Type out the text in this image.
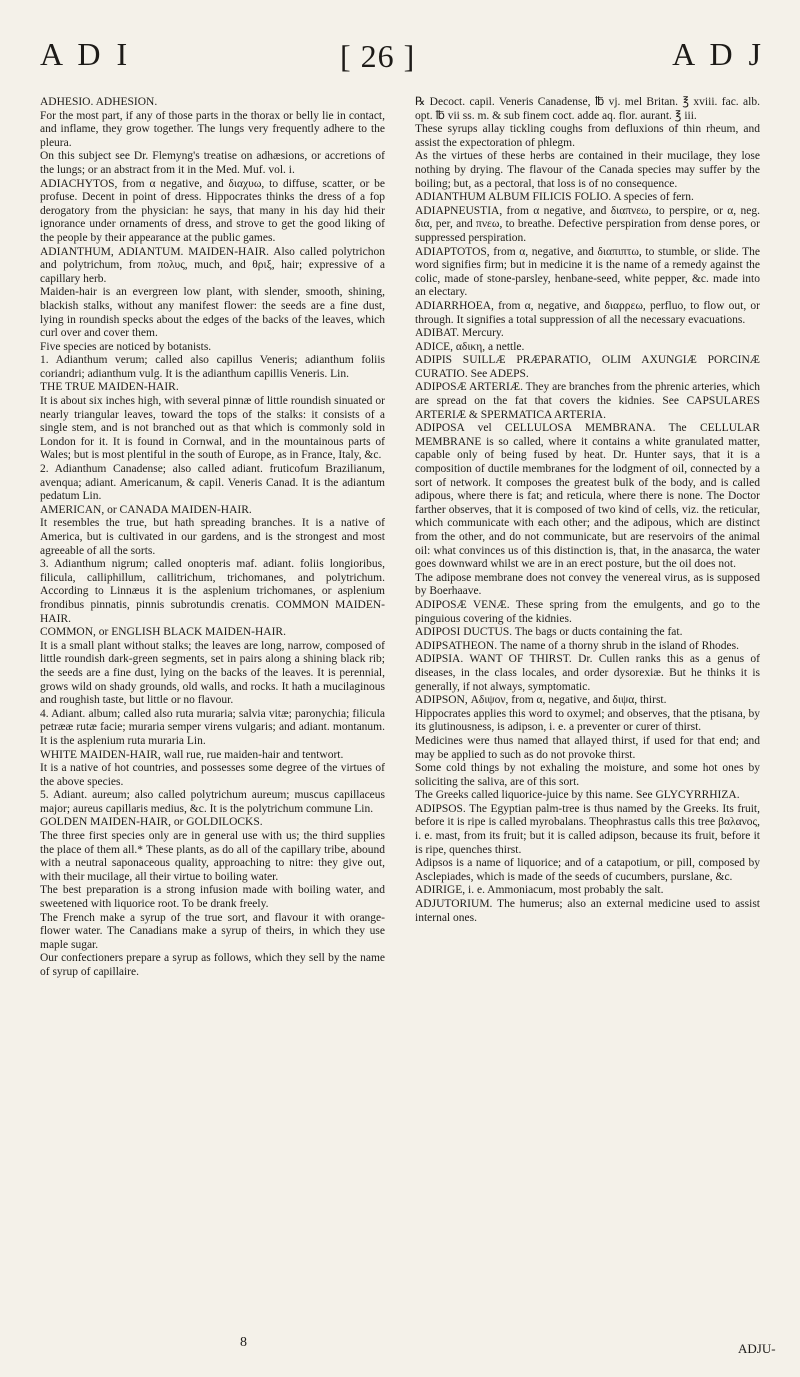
A D I	[ 26 ]	A D J

ADHESIO. ADHESION.

For the most part, if any of those parts in the thorax or belly lie in contact, and inflame, they grow together. The lungs very frequently adhere to the pleura.

On this subject see Dr. Flemyng's treatise on adhæsions, or accretions of the lungs; or an abstract from it in the Med. Muf. vol. i.

ADIACHYTOS, from α negative, and διαχυω, to diffuse, scatter, or be profuse. Decent in point of dress. Hippocrates thinks the dress of a fop derogatory from the physician: he says, that many in his day hid their ignorance under ornaments of dress, and strove to get the good liking of the people by their appearance at the public games.

ADIANTHUM, ADIANTUM. MAIDEN-HAIR. Also called polytrichon and polytrichum, from πολυς, much, and θριξ, hair; expressive of a capillary herb.

Maiden-hair is an evergreen low plant, with slender, smooth, shining, blackish stalks, without any manifest flower: the seeds are a fine dust, lying in roundish specks about the edges of the backs of the leaves, which curl over and cover them.

Five species are noticed by botanists.

1. Adianthum verum; called also capillus Veneris; adianthum foliis coriandri; adianthum vulg. It is the adianthum capillis Veneris. Lin.

THE TRUE MAIDEN-HAIR.

It is about six inches high, with several pinnæ of little roundish sinuated or nearly triangular leaves, toward the tops of the stalks: it consists of a single stem, and is not branched out as that which is commonly sold in London for it. It is found in Cornwal, and in the mountainous parts of Wales; but is most plentiful in the south of Europe, as in France, Italy, &c.

2. Adianthum Canadense; also called adiant. fruticofum Brazilianum, avenqua; adiant. Americanum, & capil. Veneris Canad. It is the adiantum pedatum Lin.

AMERICAN, or CANADA MAIDEN-HAIR.

It resembles the true, but hath spreading branches. It is a native of America, but is cultivated in our gardens, and is the strongest and most agreeable of all the sorts.

3. Adianthum nigrum; called onopteris maf. adiant. foliis longioribus, filicula, calliphillum, callitrichum, trichomanes, and polytrichum. According to Linnæus it is the asplenium trichomanes, or asplenium frondibus pinnatis, pinnis subrotundis crenatis. COMMON MAIDEN-HAIR.

COMMON, or ENGLISH BLACK MAIDEN-HAIR.

It is a small plant without stalks; the leaves are long, narrow, composed of little roundish dark-green segments, set in pairs along a shining black rib; the seeds are a fine dust, lying on the backs of the leaves. It is perennial, grows wild on shady grounds, old walls, and rocks. It hath a mucilaginous and roughish taste, but little or no flavour.

4. Adiant. album; called also ruta muraria; salvia vitæ; paronychia; filicula petrææ rutæ facie; muraria semper virens vulgaris; and adiant. montanum. It is the asplenium ruta muraria Lin.

WHITE MAIDEN-HAIR, wall rue, rue maiden-hair and tentwort.

It is a native of hot countries, and possesses some degree of the virtues of the above species.

5. Adiant. aureum; also called polytrichum aureum; muscus capillaceus major; aureus capillaris medius, &c. It is the polytrichum commune Lin.

GOLDEN MAIDEN-HAIR, or GOLDILOCKS.

The three first species only are in general use with us; the third supplies the place of them all.* These plants, as do all of the capillary tribe, abound with a neutral saponaceous quality, approaching to nitre: they give out, with their mucilage, all their virtue to boiling water.

The best preparation is a strong infusion made with boiling water, and sweetened with liquorice root. To be drank freely.

The French make a syrup of the true sort, and flavour it with orange-flower water. The Canadians make a syrup of theirs, in which they use maple sugar.

Our confectioners prepare a syrup as follows, which they sell by the name of syrup of capillaire.

℞ Decoct. capil. Veneris Canadense, ℔ vj. mel Britan. ℥ xviii. fac. alb. opt. ℔ vii ss. m. & sub finem coct. adde aq. flor. aurant. ℥ iii.

These syrups allay tickling coughs from defluxions of thin rheum, and assist the expectoration of phlegm.

As the virtues of these herbs are contained in their mucilage, they lose nothing by drying. The flavour of the Canada species may suffer by the boiling; but, as a pectoral, that loss is of no consequence.

ADIANTHUM ALBUM FILICIS FOLIO. A species of fern.

ADIAPNEUSTIA, from α negative, and διαπνεω, to perspire, or α, neg. δια, per, and πνεω, to breathe. Defective perspiration from dense pores, or suppressed perspiration.

ADIAPTOTOS, from α, negative, and διαπιπτω, to stumble, or slide. The word signifies firm; but in medicine it is the name of a remedy against the colic, made of stone-parsley, henbane-seed, white pepper, &c. made into an electary.

ADIARRHOEA, from α, negative, and διαρρεω, perfluo, to flow out, or through. It signifies a total suppression of all the necessary evacuations.

ADIBAT. Mercury.

ADICE, αδικη, a nettle.

ADIPIS SUILLÆ PRÆPARATIO, OLIM AXUNGIÆ PORCINÆ CURATIO. See ADEPS.

ADIPOSÆ ARTERIÆ. They are branches from the phrenic arteries, which are spread on the fat that covers the kidnies. See CAPSULARES ARTERIÆ & SPERMATICA ARTERIA.

ADIPOSA vel CELLULOSA MEMBRANA. The CELLULAR MEMBRANE is so called, where it contains a white granulated matter, capable only of being fused by heat. Dr. Hunter says, that it is a composition of ductile membranes for the lodgment of oil, connected by a sort of network. It composes the greatest bulk of the body, and is called adipous, where there is fat; and reticula, where there is none. The Doctor farther observes, that it is composed of two kind of cells, viz. the reticular, which communicate with each other; and the adipous, which are distinct from the other, and do not communicate, but are reservoirs of the animal oil: what convinces us of this distinction is, that, in the anasarca, the water goes downward whilst we are in an erect posture, but the oil does not.

The adipose membrane does not convey the venereal virus, as is supposed by Boerhaave.

ADIPOSÆ VENÆ. These spring from the emulgents, and go to the pinguious covering of the kidnies.

ADIPOSI DUCTUS. The bags or ducts containing the fat.

ADIPSATHEON. The name of a thorny shrub in the island of Rhodes.

ADIPSIA. WANT OF THIRST. Dr. Cullen ranks this as a genus of diseases, in the class locales, and order dysorexiæ. But he thinks it is generally, if not always, symptomatic.

ADIPSON, Αδιψον, from α, negative, and διψα, thirst.

Hippocrates applies this word to oxymel; and observes, that the ptisana, by its glutinousness, is adipson, i. e. a preventer or curer of thirst.

Medicines were thus named that allayed thirst, if used for that end; and may be applied to such as do not provoke thirst.

Some cold things by not exhaling the moisture, and some hot ones by soliciting the saliva, are of this sort.

The Greeks called liquorice-juice by this name. See GLYCYRRHIZA.

ADIPSOS. The Egyptian palm-tree is thus named by the Greeks. Its fruit, before it is ripe is called myrobalans. Theophrastus calls this tree βαλανος, i. e. mast, from its fruit; but it is called adipson, because its fruit, before it is ripe, quenches thirst.

Adipsos is a name of liquorice; and of a catapotium, or pill, composed by Asclepiades, which is made of the seeds of cucumbers, purslane, &c.

ADIRIGE, i. e. Ammoniacum, most probably the salt.

ADJUTORIUM. The humerus; also an external medicine used to assist internal ones.

8	ADJU-
